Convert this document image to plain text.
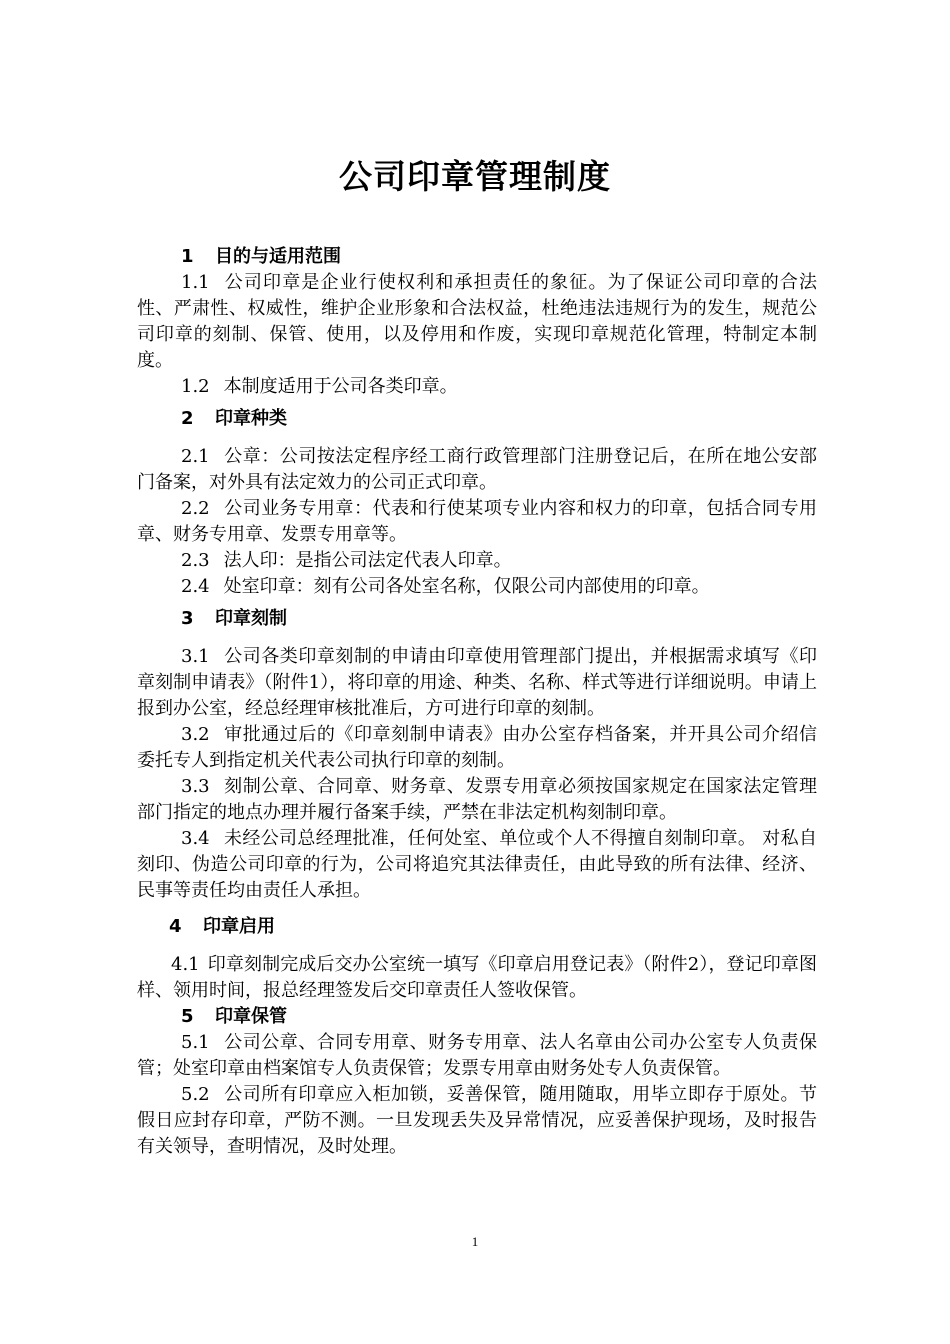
公司印章管理制度
1 目的与适用范围
1.1 公司印章是企业行使权利和承担责任的象征。为了保证公司印章的合法性、严肃性、权威性，维护企业形象和合法权益，杜绝违法违规行为的发生，规范公司印章的刻制、保管、使用，以及停用和作废，实现印章规范化管理，特制定本制度。
1.2 本制度适用于公司各类印章。
2 印章种类
2.1 公章：公司按法定程序经工商行政管理部门注册登记后，在所在地公安部门备案，对外具有法定效力的公司正式印章。
2.2 公司业务专用章：代表和行使某项专业内容和权力的印章，包括合同专用章、财务专用章、发票专用章等。
2.3 法人印：是指公司法定代表人印章。
2.4 处室印章：刻有公司各处室名称，仅限公司内部使用的印章。
3 印章刻制
3.1 公司各类印章刻制的申请由印章使用管理部门提出，并根据需求填写《印章刻制申请表》（附件1），将印章的用途、种类、名称、样式等进行详细说明。申请上报到办公室，经总经理审核批准后，方可进行印章的刻制。
3.2 审批通过后的《印章刻制申请表》由办公室存档备案，并开具公司介绍信委托专人到指定机关代表公司执行印章的刻制。
3.3 刻制公章、合同章、财务章、发票专用章必须按国家规定在国家法定管理部门指定的地点办理并履行备案手续，严禁在非法定机构刻制印章。
3.4 未经公司总经理批准，任何处室、单位或个人不得擅自刻制印章。 对私自刻印、伪造公司印章的行为，公司将追究其法律责任，由此导致的所有法律、经济、民事等责任均由责任人承担。
4 印章启用
4.1 印章刻制完成后交办公室统一填写《印章启用登记表》（附件2），登记印章图样、领用时间，报总经理签发后交印章责任人签收保管。
5 印章保管
5.1 公司公章、合同专用章、财务专用章、法人名章由公司办公室专人负责保管；处室印章由档案馆专人负责保管；发票专用章由财务处专人负责保管。
5.2 公司所有印章应入柜加锁，妥善保管，随用随取，用毕立即存于原处。节假日应封存印章，严防不测。一旦发现丢失及异常情况，应妥善保护现场，及时报告有关领导，查明情况，及时处理。
1
